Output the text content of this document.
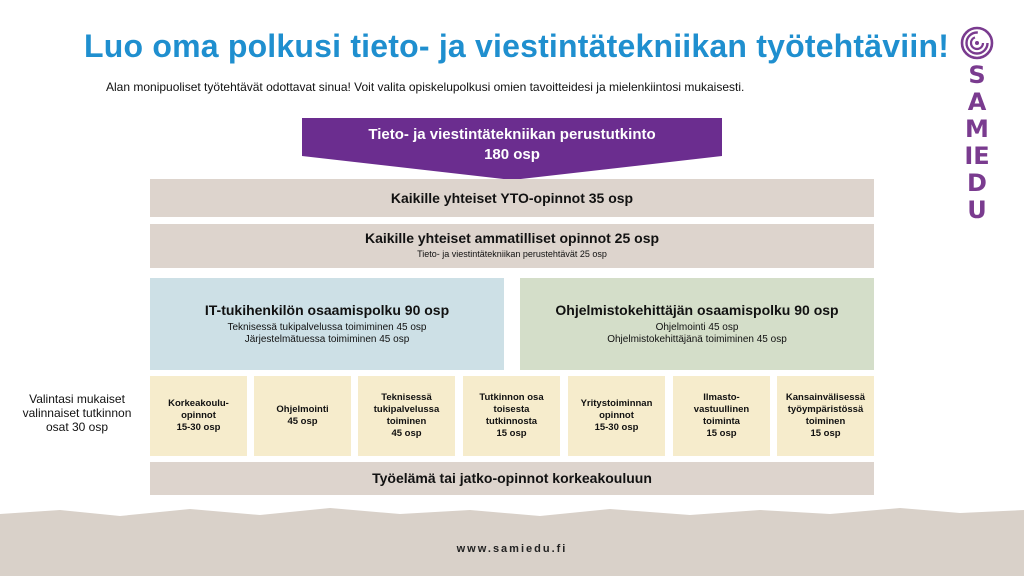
Luo oma polkusi tieto- ja viestintätekniikan työtehtäviin!
Alan monipuoliset työtehtävät odottavat sinua! Voit valita opiskelupolkusi omien tavoitteidesi ja mielenkiintosi mukaisesti.	SAMIEDU
Tieto- ja viestintätekniikan perustutkinto
180 osp
Kaikille yhteiset YTO-opinnot 35 osp
Kaikille yhteiset ammatilliset opinnot 25 osp
Tieto- ja viestintätekniikan perustehtävät 25 osp
IT-tukihenkilön osaamispolku 90 osp
Teknisessä tukipalvelussa toimiminen 45 osp
Järjestelmätuessa toimiminen 45 osp
Ohjelmistokehittäjän osaamispolku 90 osp
Ohjelmointi 45 osp
Ohjelmistokehittäjänä toimiminen 45 osp
Valintasi mukaiset valinnaiset tutkinnon osat 30 osp
Korkeakoulu-
opinnot
15-30 osp
Ohjelmointi
45 osp
Teknisessä
tukipalvelussa
toiminen
45 osp
Tutkinnon osa
toisesta
tutkinnosta
15 osp
Yritystoiminnan
opinnot
15-30 osp
Ilmasto-
vastuullinen
toiminta
15 osp
Kansainvälisessä
työympäristössä
toiminen
15 osp
Työelämä tai jatko-opinnot korkeakouluun
www.samiedu.fi
